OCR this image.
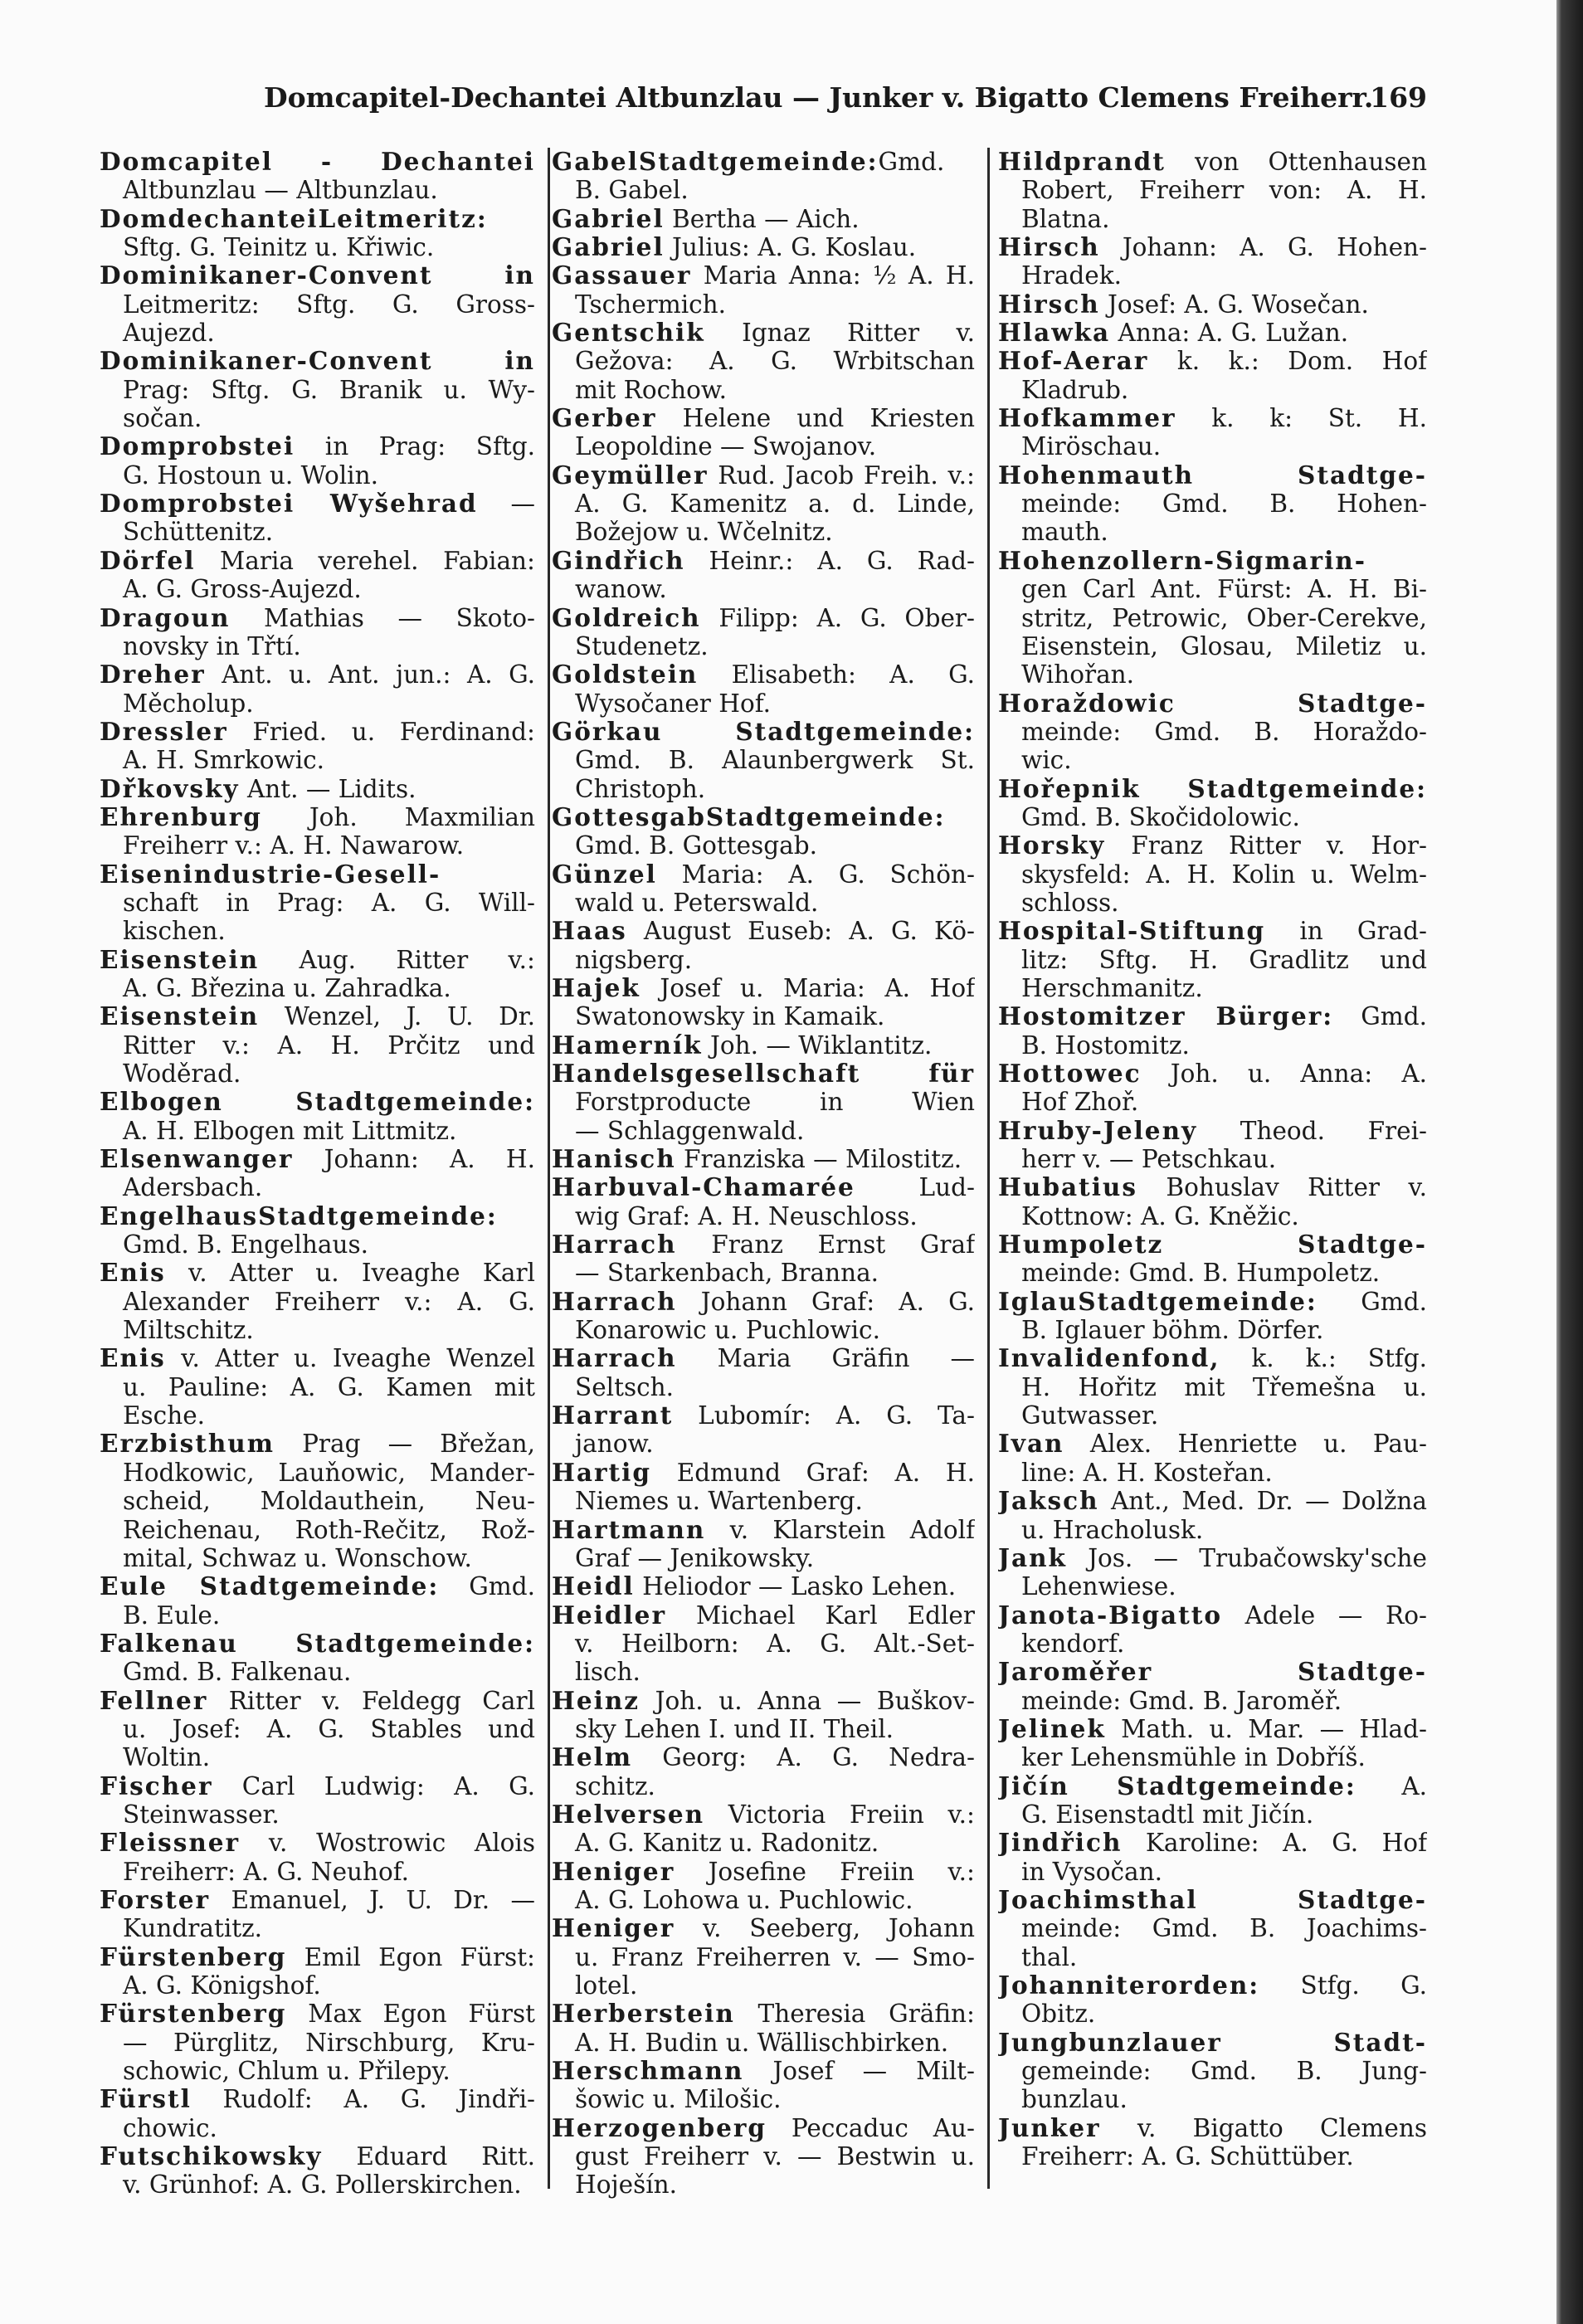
Domcapitel-Dechantei Altbunzlau — Junker v. Bigatto Clemens Freiherr.
169
Domcapitel - Dechantei
Altbunzlau — Altbunzlau.
DomdechanteiLeitmeritz:
Sftg. G. Teinitz u. Křiwic.
Dominikaner-Convent in
Leitmeritz: Sftg. G. Gross-
Aujezd.
Dominikaner-Convent in
Prag: Sftg. G. Branik u. Wy-
sočan.
Domprobstei in Prag: Sftg.
G. Hostoun u. Wolin.
Domprobstei Wyšehrad —
Schüttenitz.
Dörfel Maria verehel. Fabian:
A. G. Gross-Aujezd.
Dragoun Mathias — Skoto-
novsky in Třtí.
Dreher Ant. u. Ant. jun.: A. G.
Měcholup.
Dressler Fried. u. Ferdinand:
A. H. Smrkowic.
Dřkovsky Ant. — Lidits.
Ehrenburg Joh. Maxmilian
Freiherr v.: A. H. Nawarow.
Eisenindustrie-Gesell-
schaft in Prag: A. G. Will-
kischen.
Eisenstein Aug. Ritter v.:
A. G. Březina u. Zahradka.
Eisenstein Wenzel, J. U. Dr.
Ritter v.: A. H. Prčitz und
Woděrad.
Elbogen Stadtgemeinde:
A. H. Elbogen mit Littmitz.
Elsenwanger Johann: A. H.
Adersbach.
EngelhausStadtgemeinde:
Gmd. B. Engelhaus.
Enis v. Atter u. Iveaghe Karl
Alexander Freiherr v.: A. G.
Miltschitz.
Enis v. Atter u. Iveaghe Wenzel
u. Pauline: A. G. Kamen mit
Esche.
Erzbisthum Prag — Břežan,
Hodkowic, Lauňowic, Mander-
scheid, Moldauthein, Neu-
Reichenau, Roth-Rečitz, Rož-
mital, Schwaz u. Wonschow.
Eule Stadtgemeinde: Gmd.
B. Eule.
Falkenau Stadtgemeinde:
Gmd. B. Falkenau.
Fellner Ritter v. Feldegg Carl
u. Josef: A. G. Stables und
Woltin.
Fischer Carl Ludwig: A. G.
Steinwasser.
Fleissner v. Wostrowic Alois
Freiherr: A. G. Neuhof.
Forster Emanuel, J. U. Dr. —
Kundratitz.
Fürstenberg Emil Egon Fürst:
A. G. Königshof.
Fürstenberg Max Egon Fürst
— Pürglitz, Nirschburg, Kru-
schowic, Chlum u. Přilepy.
Fürstl Rudolf: A. G. Jindři-
chowic.
Futschikowsky Eduard Ritt.
v. Grünhof: A. G. Pollerskirchen.
GabelStadtgemeinde:Gmd.
B. Gabel.
Gabriel Bertha — Aich.
Gabriel Julius: A. G. Koslau.
Gassauer Maria Anna: ½ A. H.
Tschermich.
Gentschik Ignaz Ritter v.
Gežova: A. G. Wrbitschan
mit Rochow.
Gerber Helene und Kriesten
Leopoldine — Swojanov.
Geymüller Rud. Jacob Freih. v.:
A. G. Kamenitz a. d. Linde,
Božejow u. Wčelnitz.
Gindřich Heinr.: A. G. Rad-
wanow.
Goldreich Filipp: A. G. Ober-
Studenetz.
Goldstein Elisabeth: A. G.
Wysočaner Hof.
Görkau Stadtgemeinde:
Gmd. B. Alaunbergwerk St.
Christoph.
GottesgabStadtgemeinde:
Gmd. B. Gottesgab.
Günzel Maria: A. G. Schön-
wald u. Peterswald.
Haas August Euseb: A. G. Kö-
nigsberg.
Hajek Josef u. Maria: A. Hof
Swatonowsky in Kamaik.
Hamerník Joh. — Wiklantitz.
Handelsgesellschaft für
Forstproducte in Wien
— Schlaggenwald.
Hanisch Franziska — Milostitz.
Harbuval-Chamarée Lud-
wig Graf: A. H. Neuschloss.
Harrach Franz Ernst Graf
— Starkenbach, Branna.
Harrach Johann Graf: A. G.
Konarowic u. Puchlowic.
Harrach Maria Gräfin —
Seltsch.
Harrant Lubomír: A. G. Ta-
janow.
Hartig Edmund Graf: A. H.
Niemes u. Wartenberg.
Hartmann v. Klarstein Adolf
Graf — Jenikowsky.
Heidl Heliodor — Lasko Lehen.
Heidler Michael Karl Edler
v. Heilborn: A. G. Alt.-Set-
lisch.
Heinz Joh. u. Anna — Buškov-
sky Lehen I. und II. Theil.
Helm Georg: A. G. Nedra-
schitz.
Helversen Victoria Freiin v.:
A. G. Kanitz u. Radonitz.
Heniger Josefine Freiin v.:
A. G. Lohowa u. Puchlowic.
Heniger v. Seeberg, Johann
u. Franz Freiherren v. — Smo-
lotel.
Herberstein Theresia Gräfin:
A. H. Budin u. Wällischbirken.
Herschmann Josef — Milt-
šowic u. Milošic.
Herzogenberg Peccaduc Au-
gust Freiherr v. — Bestwin u.
Hoješín.
Hildprandt von Ottenhausen
Robert, Freiherr von: A. H.
Blatna.
Hirsch Johann: A. G. Hohen-
Hradek.
Hirsch Josef: A. G. Wosečan.
Hlawka Anna: A. G. Lužan.
Hof-Aerar k. k.: Dom. Hof
Kladrub.
Hofkammer k. k: St. H.
Miröschau.
Hohenmauth Stadtge-
meinde: Gmd. B. Hohen-
mauth.
Hohenzollern-Sigmarin-
gen Carl Ant. Fürst: A. H. Bi-
stritz, Petrowic, Ober-Cerekve,
Eisenstein, Glosau, Miletiz u.
Wihořan.
Horaždowic Stadtge-
meinde: Gmd. B. Horaždo-
wic.
Hořepnik Stadtgemeinde:
Gmd. B. Skočidolowic.
Horsky Franz Ritter v. Hor-
skysfeld: A. H. Kolin u. Welm-
schloss.
Hospital-Stiftung in Grad-
litz: Sftg. H. Gradlitz und
Herschmanitz.
Hostomitzer Bürger: Gmd.
B. Hostomitz.
Hottowec Joh. u. Anna: A.
Hof Zhoř.
Hruby-Jeleny Theod. Frei-
herr v. — Petschkau.
Hubatius Bohuslav Ritter v.
Kottnow: A. G. Kněžic.
Humpoletz Stadtge-
meinde: Gmd. B. Humpoletz.
IglauStadtgemeinde: Gmd.
B. Iglauer böhm. Dörfer.
Invalidenfond, k. k.: Stfg.
H. Hořitz mit Třemešna u.
Gutwasser.
Ivan Alex. Henriette u. Pau-
line: A. H. Kosteřan.
Jaksch Ant., Med. Dr. — Dolžna
u. Hracholusk.
Jank Jos. — Trubačowsky'sche
Lehenwiese.
Janota-Bigatto Adele — Ro-
kendorf.
Jaroměřer Stadtge-
meinde: Gmd. B. Jaroměř.
Jelinek Math. u. Mar. — Hlad-
ker Lehensmühle in Dobříš.
Jičín Stadtgemeinde: A.
G. Eisenstadtl mit Jičín.
Jindřich Karoline: A. G. Hof
in Vysočan.
Joachimsthal Stadtge-
meinde: Gmd. B. Joachims-
thal.
Johanniterorden: Stfg. G.
Obitz.
Jungbunzlauer Stadt-
gemeinde: Gmd. B. Jung-
bunzlau.
Junker v. Bigatto Clemens
Freiherr: A. G. Schüttüber.
